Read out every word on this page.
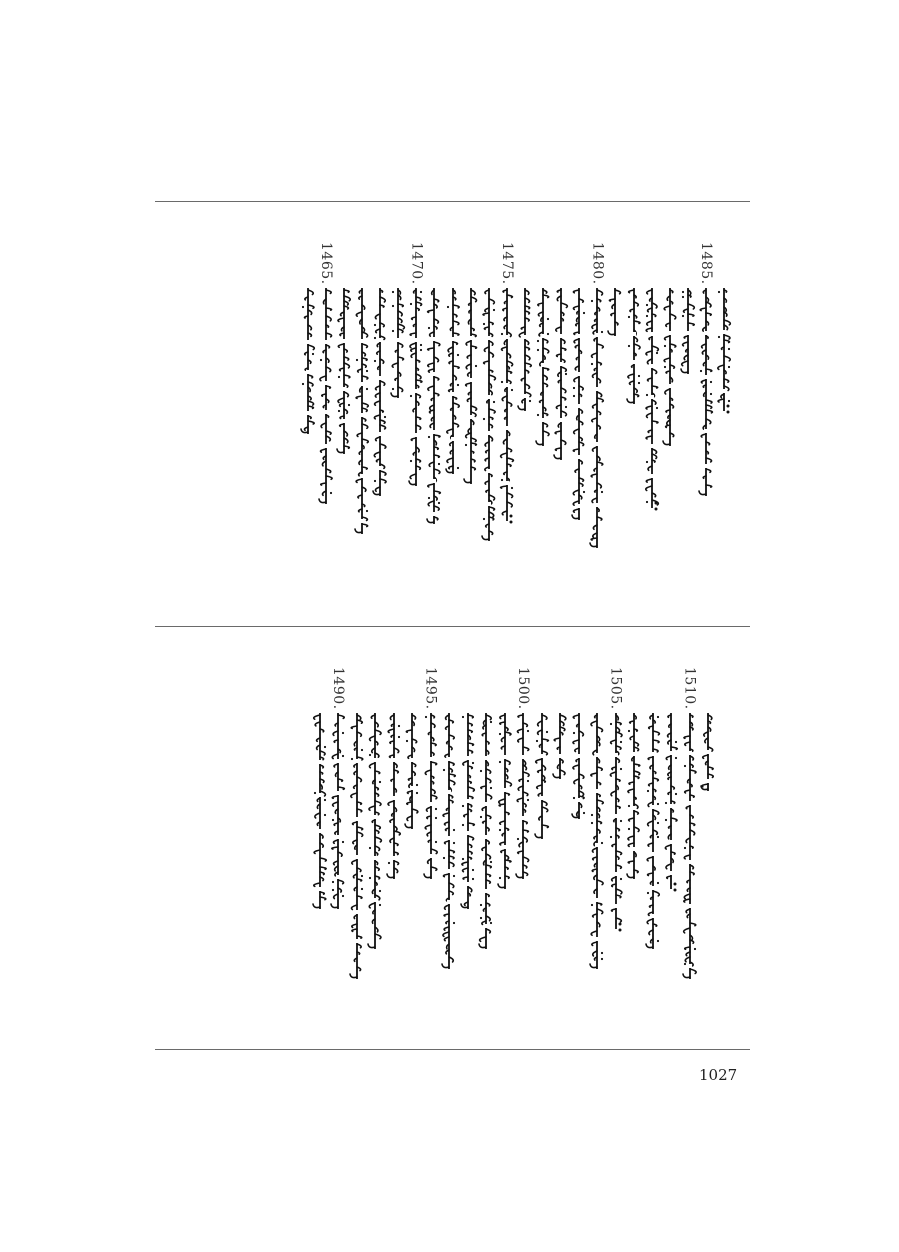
1485.
1480.
1475.
1470.
1465.
1510.
1505.
1500.
1495.
1490.
1027
